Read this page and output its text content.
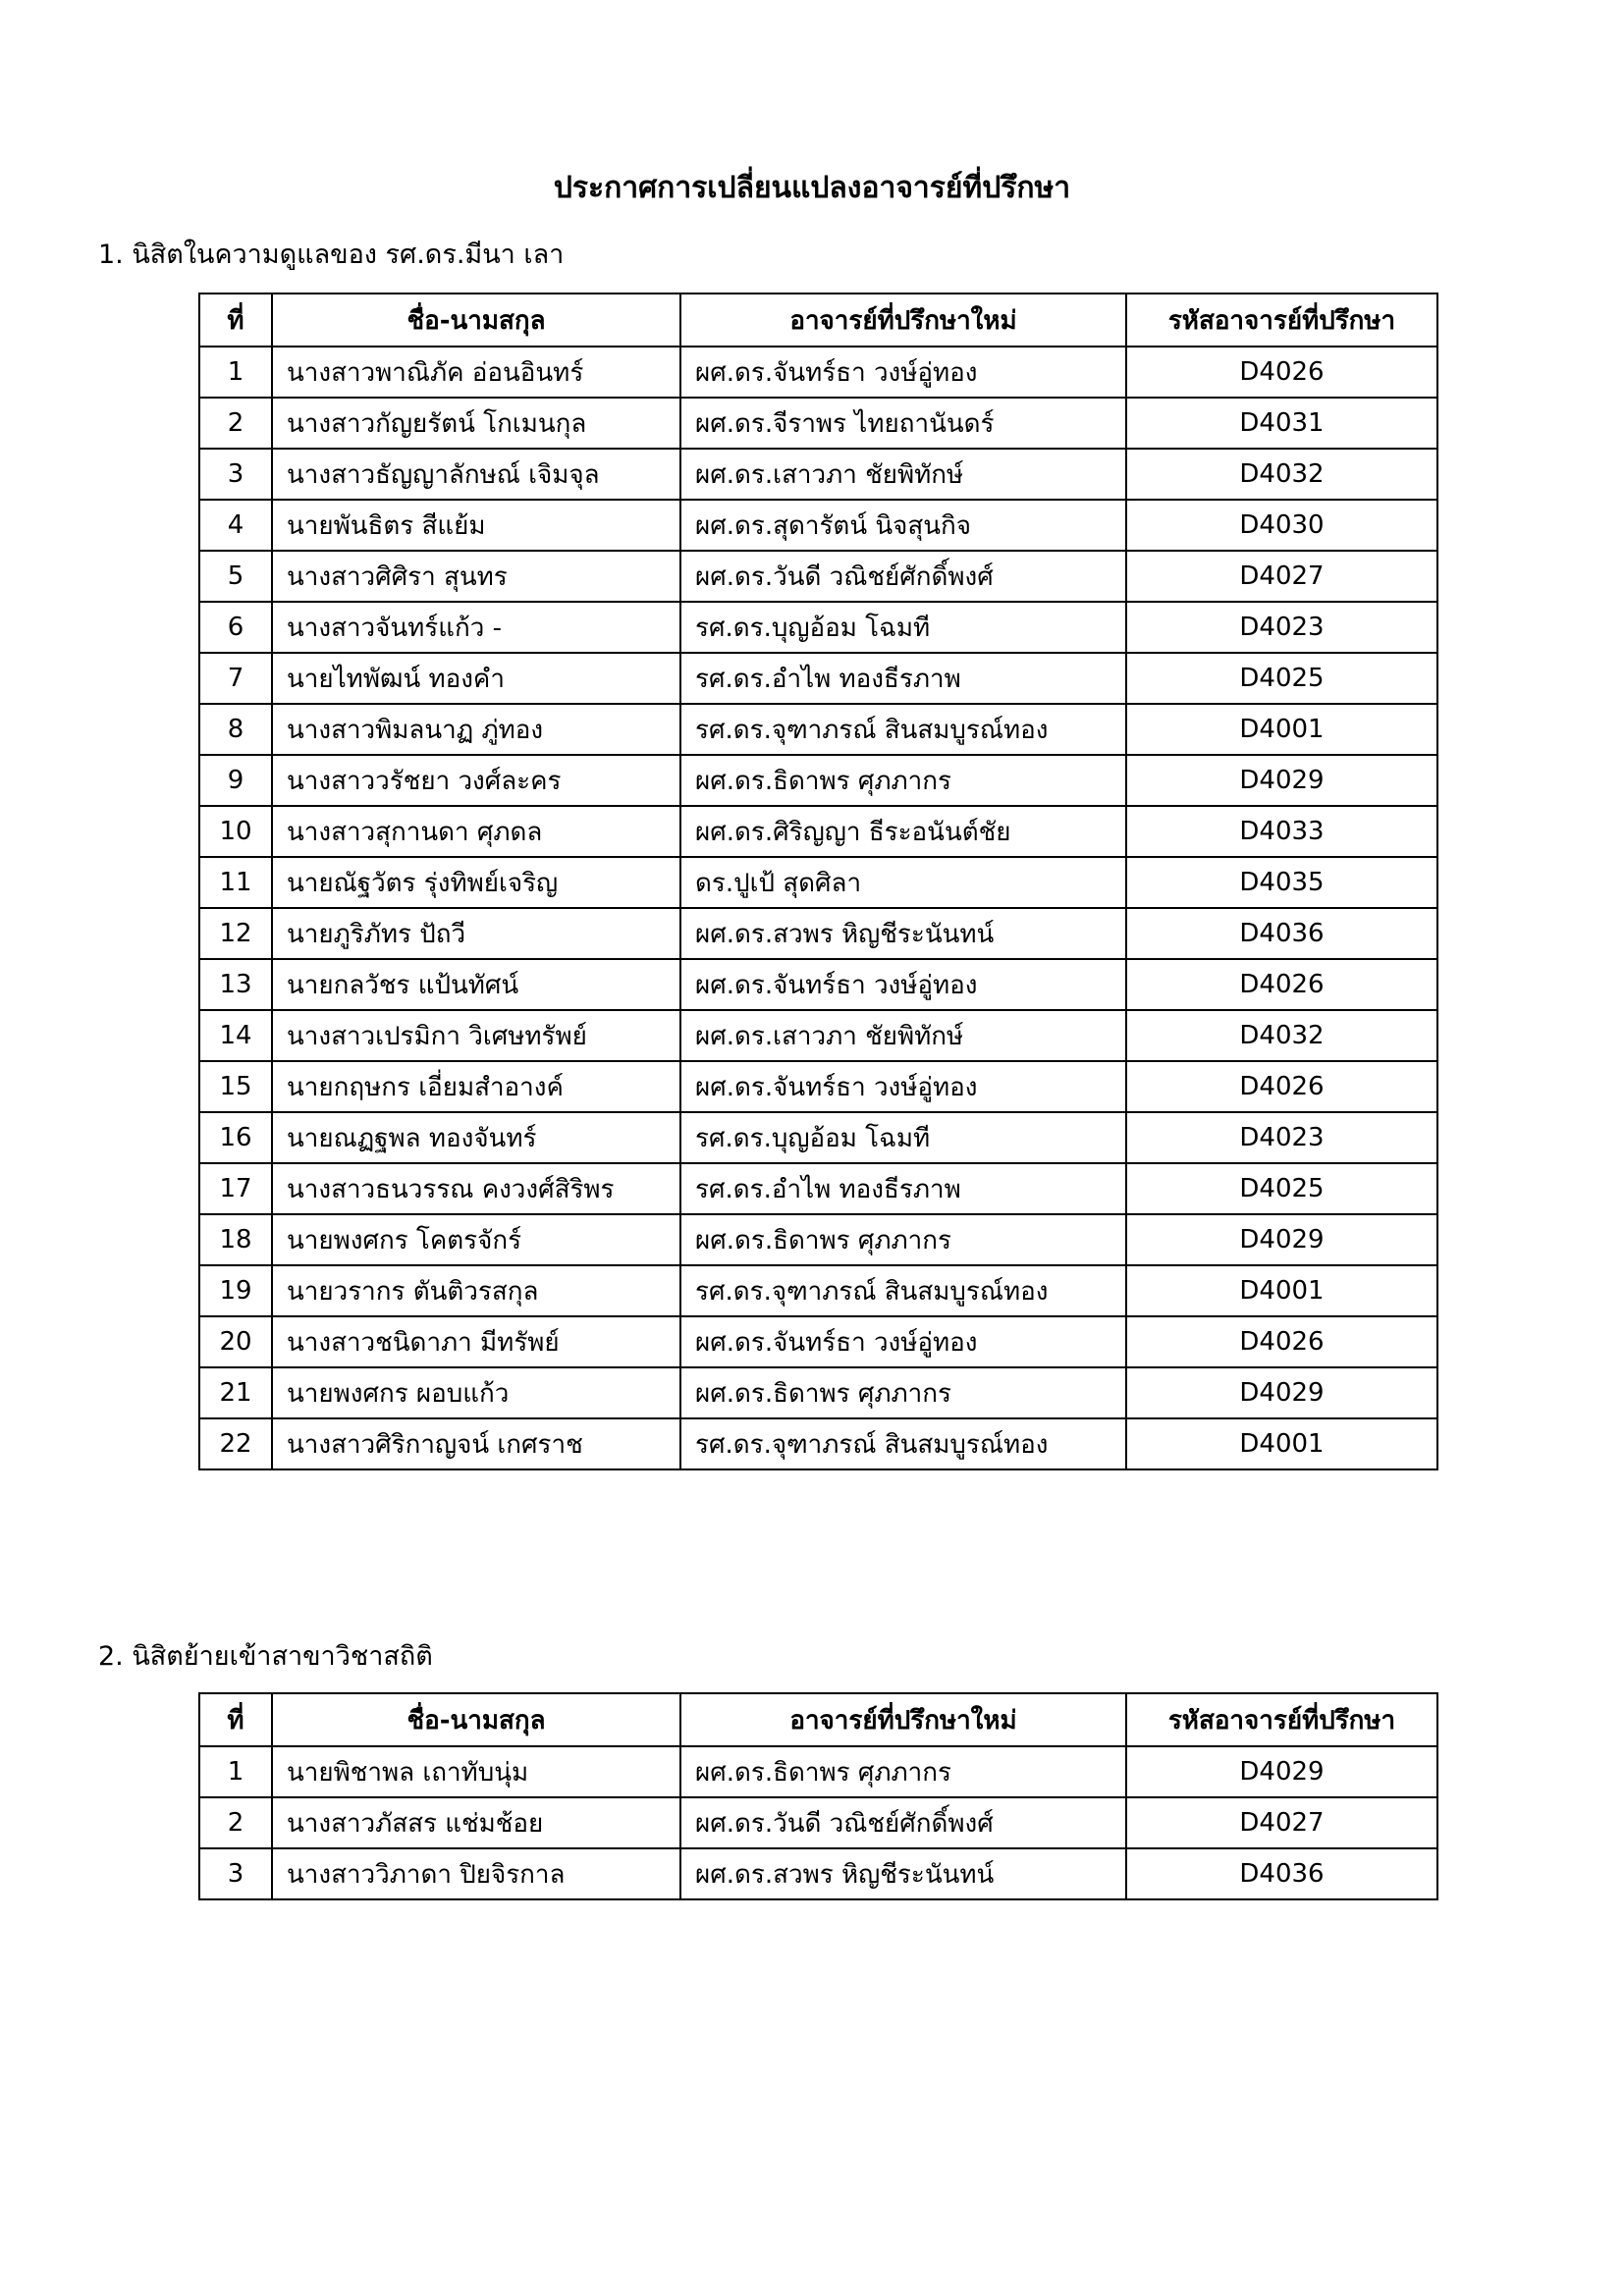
ประกาศการเปลี่ยนแปลงอาจารย์ที่ปรึกษา
1. นิสิตในความดูแลของ รศ.ดร.มีนา เลา
ที่	ชื่อ-นามสกุล	อาจารย์ที่ปรึกษาใหม่	รหัสอาจารย์ที่ปรึกษา
1	นางสาวพาณิภัค อ่อนอินทร์	ผศ.ดร.จันทร์ธา วงษ์อู่ทอง	D4026
2	นางสาวกัญยรัตน์ โกเมนกุล	ผศ.ดร.จีราพร ไทยถานันดร์	D4031
3	นางสาวธัญญาลักษณ์ เจิมจุล	ผศ.ดร.เสาวภา ชัยพิทักษ์	D4032
4	นายพันธิตร สีแย้ม	ผศ.ดร.สุดารัตน์ นิจสุนกิจ	D4030
5	นางสาวศิศิรา สุนทร	ผศ.ดร.วันดี วณิชย์ศักดิ์พงศ์	D4027
6	นางสาวจันทร์แก้ว -	รศ.ดร.บุญอ้อม โฉมที	D4023
7	นายไทพัฒน์ ทองคำ	รศ.ดร.อำไพ ทองธีรภาพ	D4025
8	นางสาวพิมลนาฏ ภู่ทอง	รศ.ดร.จุฑาภรณ์ สินสมบูรณ์ทอง	D4001
9	นางสาววรัชยา วงศ์ละคร	ผศ.ดร.ธิดาพร ศุภภากร	D4029
10	นางสาวสุกานดา ศุภดล	ผศ.ดร.ศิริญญา ธีระอนันต์ชัย	D4033
11	นายณัฐวัตร รุ่งทิพย์เจริญ	ดร.ปูเป้ สุดศิลา	D4035
12	นายภูริภัทร ปัถวี	ผศ.ดร.สวพร หิญชีระนันทน์	D4036
13	นายกลวัชร แป้นทัศน์	ผศ.ดร.จันทร์ธา วงษ์อู่ทอง	D4026
14	นางสาวเปรมิกา วิเศษทรัพย์	ผศ.ดร.เสาวภา ชัยพิทักษ์	D4032
15	นายกฤษกร เอี่ยมสำอางค์	ผศ.ดร.จันทร์ธา วงษ์อู่ทอง	D4026
16	นายณฏฐพล ทองจันทร์	รศ.ดร.บุญอ้อม โฉมที	D4023
17	นางสาวธนวรรณ คงวงศ์สิริพร	รศ.ดร.อำไพ ทองธีรภาพ	D4025
18	นายพงศกร โคตรจักร์	ผศ.ดร.ธิดาพร ศุภภากร	D4029
19	นายวรากร ตันติวรสกุล	รศ.ดร.จุฑาภรณ์ สินสมบูรณ์ทอง	D4001
20	นางสาวชนิดาภา มีทรัพย์	ผศ.ดร.จันทร์ธา วงษ์อู่ทอง	D4026
21	นายพงศกร ผอบแก้ว	ผศ.ดร.ธิดาพร ศุภภากร	D4029
22	นางสาวศิริกาญจน์ เกศราช	รศ.ดร.จุฑาภรณ์ สินสมบูรณ์ทอง	D4001
2. นิสิตย้ายเข้าสาขาวิชาสถิติ
ที่	ชื่อ-นามสกุล	อาจารย์ที่ปรึกษาใหม่	รหัสอาจารย์ที่ปรึกษา
1	นายพิชาพล เถาทับนุ่ม	ผศ.ดร.ธิดาพร ศุภภากร	D4029
2	นางสาวภัสสร แช่มช้อย	ผศ.ดร.วันดี วณิชย์ศักดิ์พงศ์	D4027
3	นางสาววิภาดา ปิยจิรกาล	ผศ.ดร.สวพร หิญชีระนันทน์	D4036
